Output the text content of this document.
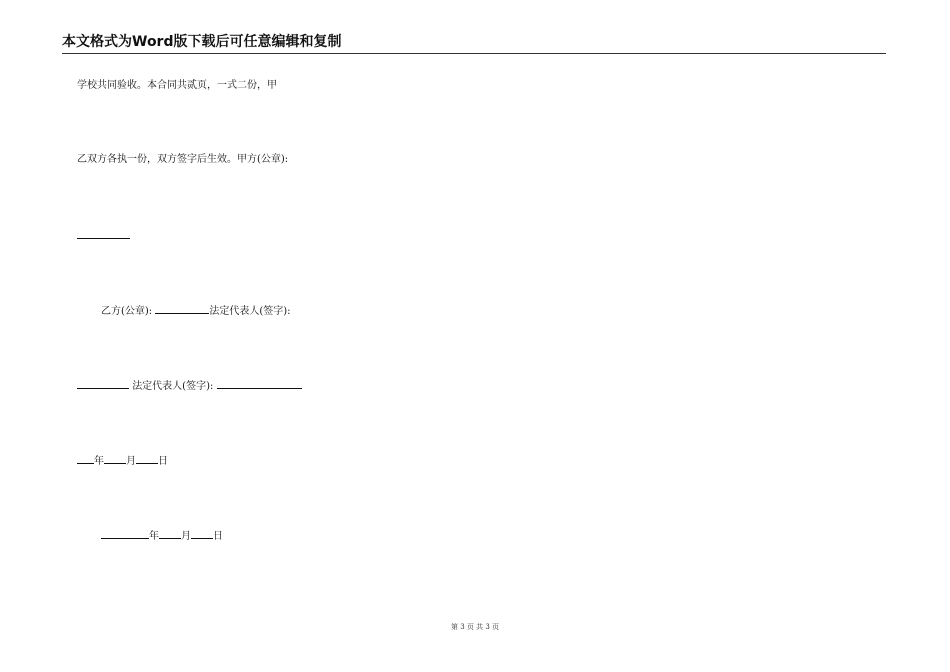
本文格式为Word版下载后可任意编辑和复制
学校共同验收。本合同共贰页，一式二份，甲
乙双方各执一份，双方签字后生效。甲方(公章):
乙方(公章):	法定代表人(签字):
法定代表人(签字):
年 月 日
年 月 日
第 3 页 共 3 页
